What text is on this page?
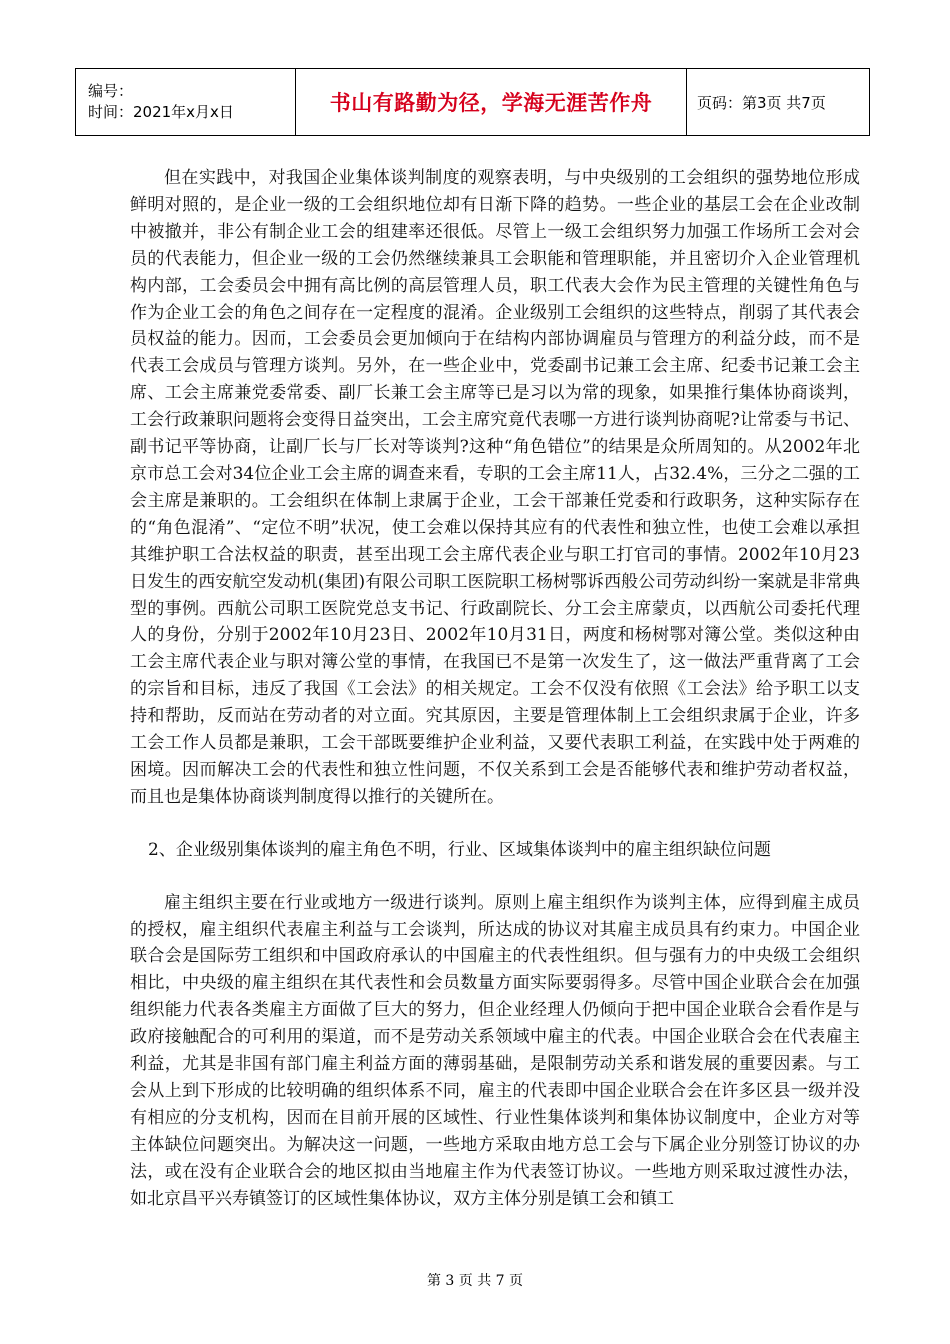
编号：
时间：2021年x月x日	书山有路勤为径，学海无涯苦作舟	页码：第3页 共7页

但在实践中，对我国企业集体谈判制度的观察表明，与中央级别的工会组织的强势地位形成鲜明对照的，是企业一级的工会组织地位却有日渐下降的趋势。一些企业的基层工会在企业改制中被撤并，非公有制企业工会的组建率还很低。尽管上一级工会组织努力加强工作场所工会对会员的代表能力，但企业一级的工会仍然继续兼具工会职能和管理职能，并且密切介入企业管理机构内部，工会委员会中拥有高比例的高层管理人员，职工代表大会作为民主管理的关键性角色与作为企业工会的角色之间存在一定程度的混淆。企业级别工会组织的这些特点，削弱了其代表会员权益的能力。因而，工会委员会更加倾向于在结构内部协调雇员与管理方的利益分歧，而不是代表工会成员与管理方谈判。另外，在一些企业中，党委副书记兼工会主席、纪委书记兼工会主席、工会主席兼党委常委、副厂长兼工会主席等已是习以为常的现象，如果推行集体协商谈判，工会行政兼职问题将会变得日益突出，工会主席究竟代表哪一方进行谈判协商呢?让常委与书记、副书记平等协商，让副厂长与厂长对等谈判?这种“角色错位”的结果是众所周知的。从2002年北京市总工会对34位企业工会主席的调查来看，专职的工会主席11人，占32.4%，三分之二强的工会主席是兼职的。工会组织在体制上隶属于企业，工会干部兼任党委和行政职务，这种实际存在的“角色混淆”、“定位不明”状况，使工会难以保持其应有的代表性和独立性，也使工会难以承担其维护职工合法权益的职责，甚至出现工会主席代表企业与职工打官司的事情。2002年10月23日发生的西安航空发动机(集团)有限公司职工医院职工杨树鄂诉西般公司劳动纠纷一案就是非常典型的事例。西航公司职工医院党总支书记、行政副院长、分工会主席蒙贞，以西航公司委托代理人的身份，分别于2002年10月23日、2002年10月31日，两度和杨树鄂对簿公堂。类似这种由工会主席代表企业与职对簿公堂的事情，在我国已不是第一次发生了，这一做法严重背离了工会的宗旨和目标，违反了我国《工会法》的相关规定。工会不仅没有依照《工会法》给予职工以支持和帮助，反而站在劳动者的对立面。究其原因，主要是管理体制上工会组织隶属于企业，许多工会工作人员都是兼职，工会干部既要维护企业利益，又要代表职工利益，在实践中处于两难的困境。因而解决工会的代表性和独立性问题，不仅关系到工会是否能够代表和维护劳动者权益，而且也是集体协商谈判制度得以推行的关键所在。

2、企业级别集体谈判的雇主角色不明，行业、区域集体谈判中的雇主组织缺位问题

雇主组织主要在行业或地方一级进行谈判。原则上雇主组织作为谈判主体，应得到雇主成员的授权，雇主组织代表雇主利益与工会谈判，所达成的协议对其雇主成员具有约束力。中国企业联合会是国际劳工组织和中国政府承认的中国雇主的代表性组织。但与强有力的中央级工会组织相比，中央级的雇主组织在其代表性和会员数量方面实际要弱得多。尽管中国企业联合会在加强组织能力代表各类雇主方面做了巨大的努力，但企业经理人仍倾向于把中国企业联合会看作是与政府接触配合的可利用的渠道，而不是劳动关系领域中雇主的代表。中国企业联合会在代表雇主利益，尤其是非国有部门雇主利益方面的薄弱基础，是限制劳动关系和谐发展的重要因素。与工会从上到下形成的比较明确的组织体系不同，雇主的代表即中国企业联合会在许多区县一级并没有相应的分支机构，因而在目前开展的区域性、行业性集体谈判和集体协议制度中，企业方对等主体缺位问题突出。为解决这一问题，一些地方采取由地方总工会与下属企业分别签订协议的办法，或在没有企业联合会的地区拟由当地雇主作为代表签订协议。一些地方则采取过渡性办法，如北京昌平兴寿镇签订的区域性集体协议，双方主体分别是镇工会和镇工

第 3 页 共 7 页
